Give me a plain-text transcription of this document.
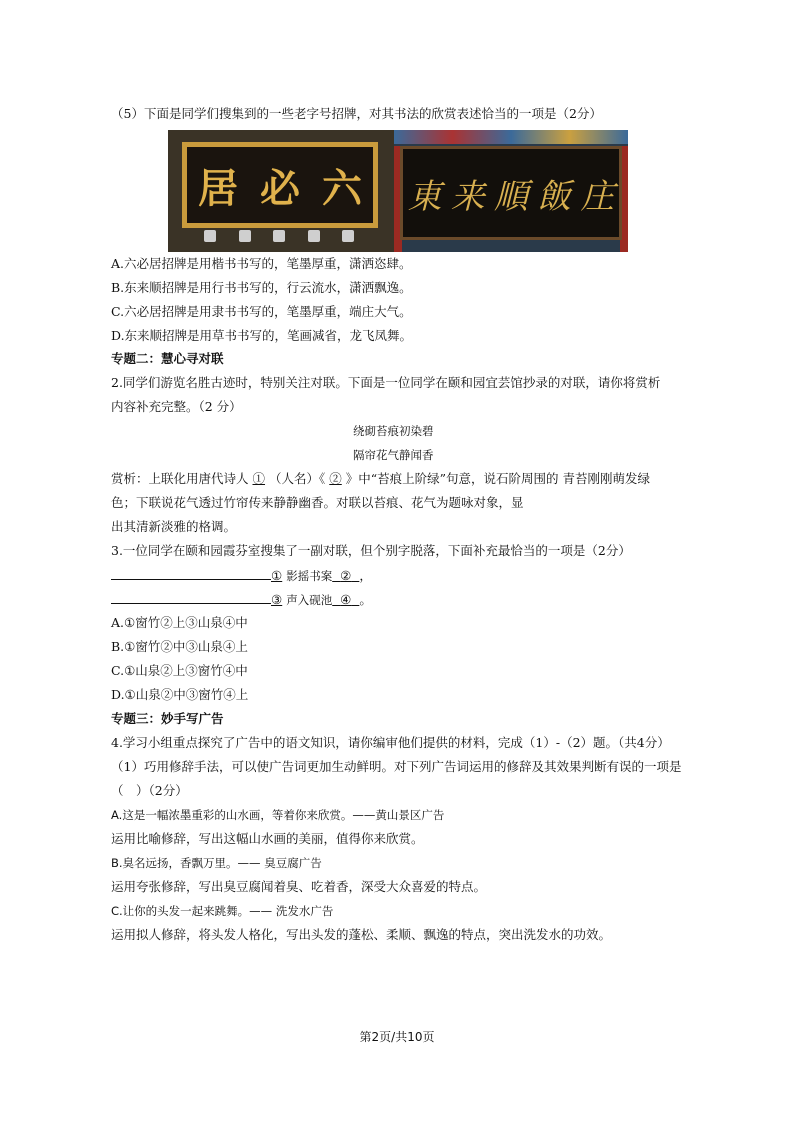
（5）下面是同学们搜集到的一些老字号招牌，对其书法的欣赏表述恰当的一项是（2分）
居 必 六 東 来 順 飯 庄
A.六必居招牌是用楷书书写的，笔墨厚重，潇洒恣肆。
B.东来顺招牌是用行书书写的，行云流水，潇洒飘逸。
C.六必居招牌是用隶书书写的，笔墨厚重，端庄大气。
D.东来顺招牌是用草书书写的，笔画减省，龙飞凤舞。
专题二：慧心寻对联
2.同学们游览名胜古迹时，特别关注对联。下面是一位同学在颐和园宜芸馆抄录的对联，请你将赏析
内容补充完整。（2 分）
绕砌苔痕初染碧
隔帘花气静闻香
赏析：上联化用唐代诗人 ① （人名）《 ② 》中“苔痕上阶绿”句意，说石阶周围的 青苔刚刚萌发绿
色；下联说花气透过竹帘传来静静幽香。对联以苔痕、花气为题咏对象，显
出其清新淡雅的格调。
3.一位同学在颐和园霞芬室搜集了一副对联，但个别字脱落，下面补充最恰当的一项是（2分）
① 影摇书案 ② ，
③ 声入砚池 ④ 。
A.①窗竹②上③山泉④中
B.①窗竹②中③山泉④上
C.①山泉②上③窗竹④中
D.①山泉②中③窗竹④上
专题三：妙手写广告
4.学习小组重点探究了广告中的语文知识，请你编审他们提供的材料，完成（1）-（2）题。（共4分）
（1）巧用修辞手法，可以使广告词更加生动鲜明。对下列广告词运用的修辞及其效果判断有误的一项是
（　）（2分）
A.这是一幅浓墨重彩的山水画，等着你来欣赏。——黄山景区广告
运用比喻修辞，写出这幅山水画的美丽，值得你来欣赏。
B.臭名远扬，香飘万里。—— 臭豆腐广告
运用夸张修辞，写出臭豆腐闻着臭、吃着香，深受大众喜爱的特点。
C.让你的头发一起来跳舞。—— 洗发水广告
运用拟人修辞，将头发人格化，写出头发的蓬松、柔顺、飘逸的特点，突出洗发水的功效。
第2页/共10页
